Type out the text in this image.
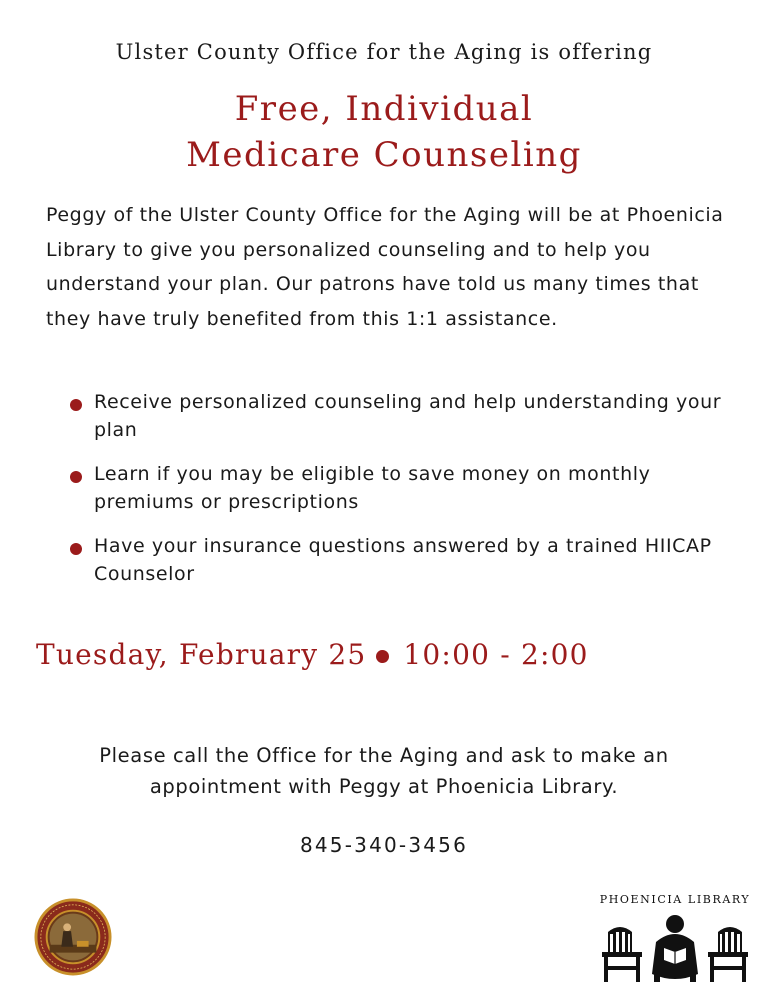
Ulster County Office for the Aging is offering
Free, Individual
Medicare Counseling
Peggy of the Ulster County Office for the Aging will be at Phoenicia Library to give you personalized counseling and to help you understand your plan. Our patrons have told us many times that they have truly benefited from this 1:1 assistance.
Receive personalized counseling and help understanding your plan
Learn if you may be eligible to save money on monthly premiums or prescriptions
Have your insurance questions answered by a trained HIICAP Counselor
Tuesday, February 25 10:00 - 2:00
Please call the Office for the Aging and ask to make an appointment with Peggy at Phoenicia Library.
845-340-3456
PHOENICIA LIBRARY
